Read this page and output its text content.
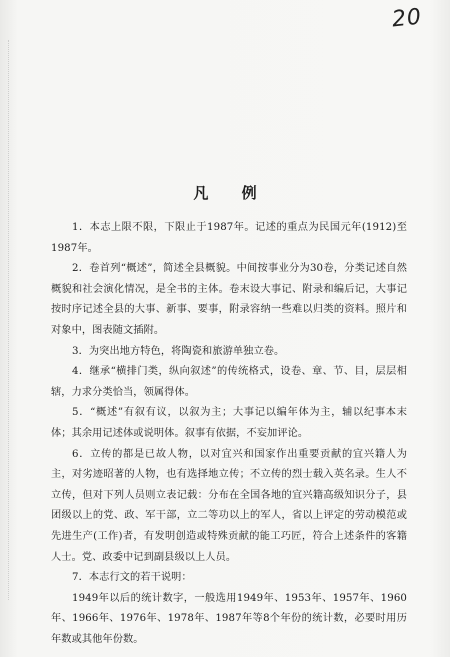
20
凡 例

1．本志上限不限，下限止于1987年。记述的重点为民国元年(1912)至1987年。

2．卷首列“概述”，简述全县概貌。中间按事业分为30卷，分类记述自然概貌和社会演化情况，是全书的主体。卷末设大事记、附录和编后记，大事记按时序记述全县的大事、新事、要事，附录容纳一些难以归类的资料。照片和对象中，图表随文插附。

3．为突出地方特色，将陶瓷和旅游单独立卷。

4．继承“横排门类，纵向叙述”的传统格式，设卷、章、节、目，层层相辖，力求分类恰当，领属得体。

5．“概述”有叙有议，以叙为主；大事记以编年体为主，辅以纪事本末体；其余用记述体或说明体。叙事有依据，不妄加评论。

6．立传的都是已故人物，以对宜兴和国家作出重要贡献的宜兴籍人为主，对劣迹昭著的人物，也有选择地立传；不立传的烈士载入英名录。生人不立传，但对下列人员则立表记载：分布在全国各地的宜兴籍高级知识分子，县团级以上的党、政、军干部，立二等功以上的军人，省以上评定的劳动模范或先进生产(工作)者，有发明创造或特殊贡献的能工巧匠，符合上述条件的客籍人士。党、政委中记到副县级以上人员。

7．本志行文的若干说明：

1949年以后的统计数字，一般选用1949年、1953年、1957年、1960年、1966年、1976年、1978年、1987年等8个年份的统计数，必要时用历年数或其他年份数。
